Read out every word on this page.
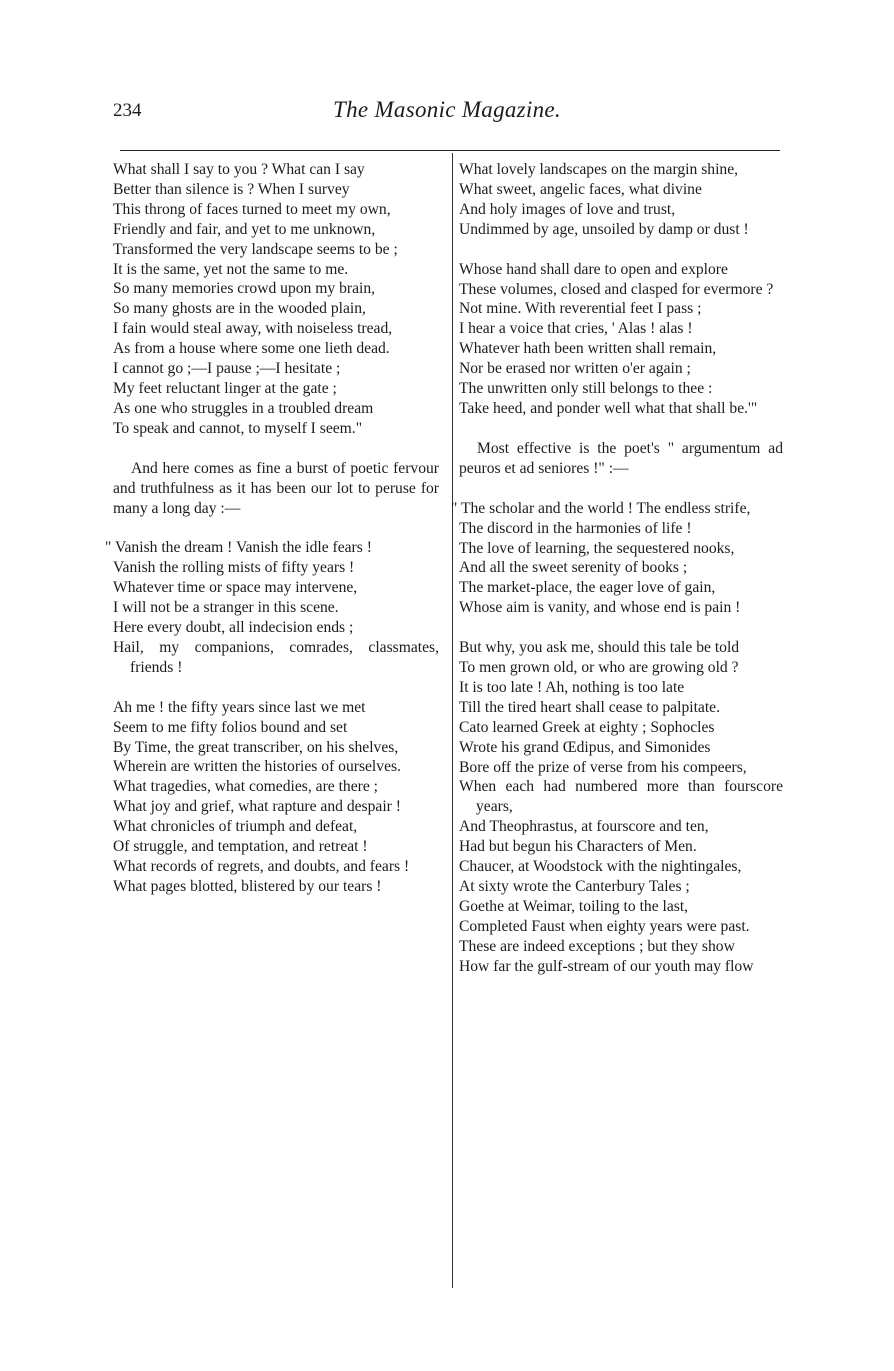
234	The Masonic Magazine.
What shall I say to you ? What can I say
Better than silence is ? When I survey
This throng of faces turned to meet my own,
Friendly and fair, and yet to me unknown,
Transformed the very landscape seems to be ;
It is the same, yet not the same to me.
So many memories crowd upon my brain,
So many ghosts are in the wooded plain,
I fain would steal away, with noiseless tread,
As from a house where some one lieth dead.
I cannot go ;—I pause ;—I hesitate ;
My feet reluctant linger at the gate ;
As one who struggles in a troubled dream
To speak and cannot, to myself I seem."

And here comes as fine a burst of poetic fervour and truthfulness as it has been our lot to peruse for many a long day :—

" Vanish the dream ! Vanish the idle fears !
Vanish the rolling mists of fifty years !
Whatever time or space may intervene,
I will not be a stranger in this scene.
Here every doubt, all indecision ends ;
Hail, my companions, comrades, classmates, friends !
Ah me ! the fifty years since last we met
Seem to me fifty folios bound and set
By Time, the great transcriber, on his shelves,
Wherein are written the histories of ourselves.
What tragedies, what comedies, are there ;
What joy and grief, what rapture and despair !
What chronicles of triumph and defeat,
Of struggle, and temptation, and retreat !
What records of regrets, and doubts, and fears !
What pages blotted, blistered by our tears !
What lovely landscapes on the margin shine,
What sweet, angelic faces, what divine
And holy images of love and trust,
Undimmed by age, unsoiled by damp or dust !
Whose hand shall dare to open and explore
These volumes, closed and clasped for evermore ?
Not mine. With reverential feet I pass ;
I hear a voice that cries, ' Alas ! alas !
Whatever hath been written shall remain,
Nor be erased nor written o'er again ;
The unwritten only still belongs to thee :
Take heed, and ponder well what that shall be.'"

Most effective is the poet's " argumentum ad peuros et ad seniores !" :—

" The scholar and the world ! The endless strife,
The discord in the harmonies of life !
The love of learning, the sequestered nooks,
And all the sweet serenity of books ;
The market-place, the eager love of gain,
Whose aim is vanity, and whose end is pain !
But why, you ask me, should this tale be told
To men grown old, or who are growing old ?
It is too late ! Ah, nothing is too late
Till the tired heart shall cease to palpitate.
Cato learned Greek at eighty ; Sophocles
Wrote his grand Œdipus, and Simonides
Bore off the prize of verse from his compeers,
When each had numbered more than fourscore years,
And Theophrastus, at fourscore and ten,
Had but begun his Characters of Men.
Chaucer, at Woodstock with the nightingales,
At sixty wrote the Canterbury Tales ;
Goethe at Weimar, toiling to the last,
Completed Faust when eighty years were past.
These are indeed exceptions ; but they show
How far the gulf-stream of our youth may flow
